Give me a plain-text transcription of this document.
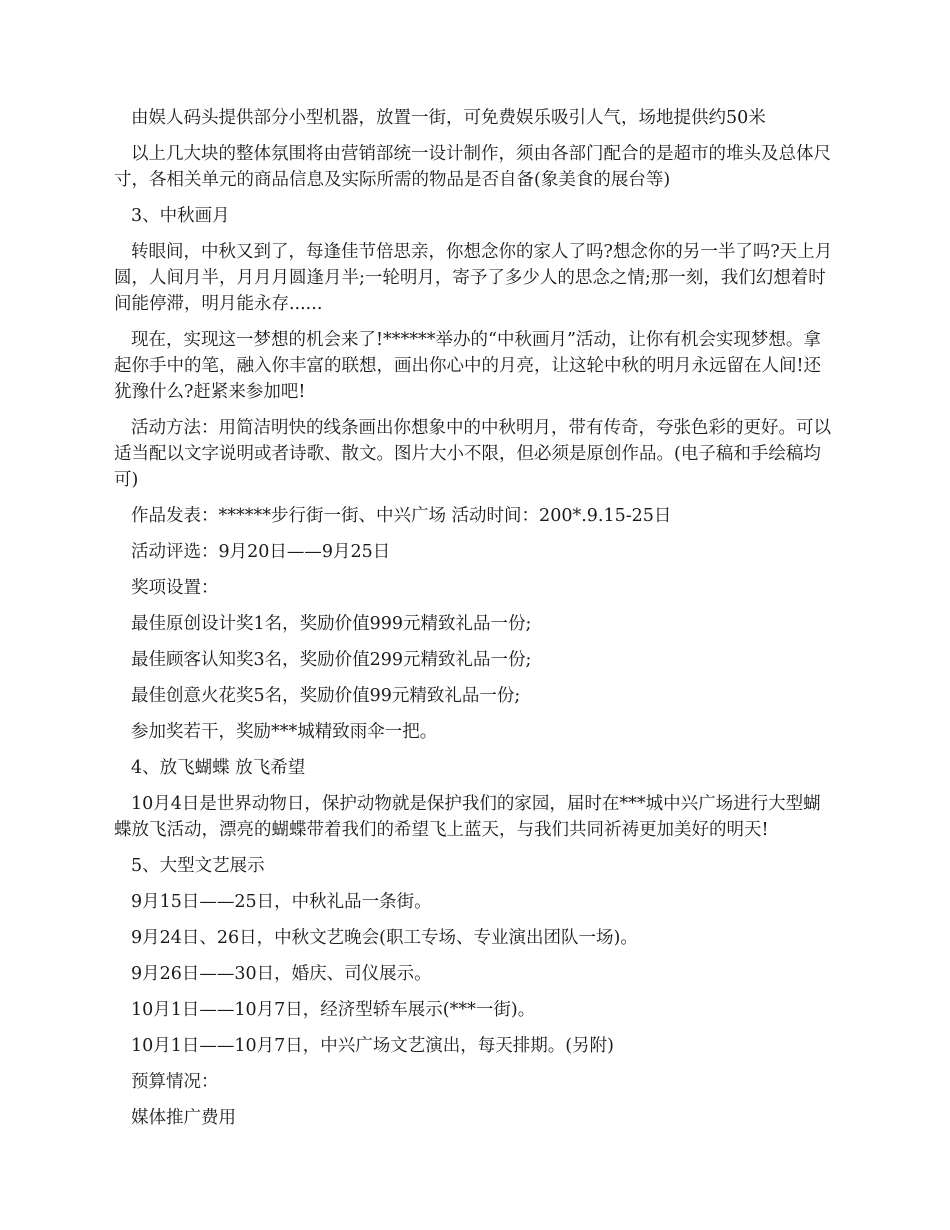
由娱人码头提供部分小型机器，放置一街，可免费娱乐吸引人气，场地提供约50米

以上几大块的整体氛围将由营销部统一设计制作，须由各部门配合的是超市的堆头及总体尺寸，各相关单元的商品信息及实际所需的物品是否自备(象美食的展台等)

3、中秋画月

转眼间，中秋又到了，每逢佳节倍思亲，你想念你的家人了吗?想念你的另一半了吗?天上月圆，人间月半，月月月圆逢月半;一轮明月，寄予了多少人的思念之情;那一刻，我们幻想着时间能停滞，明月能永存......

现在，实现这一梦想的机会来了!******举办的“中秋画月”活动，让你有机会实现梦想。拿起你手中的笔，融入你丰富的联想，画出你心中的月亮，让这轮中秋的明月永远留在人间!还犹豫什么?赶紧来参加吧!

活动方法：用简洁明快的线条画出你想象中的中秋明月，带有传奇，夸张色彩的更好。可以适当配以文字说明或者诗歌、散文。图片大小不限，但必须是原创作品。(电子稿和手绘稿均可)

作品发表：******步行街一街、中兴广场 活动时间：200*.9.15-25日

活动评选：9月20日——9月25日

奖项设置：

最佳原创设计奖1名，奖励价值999元精致礼品一份;

最佳顾客认知奖3名，奖励价值299元精致礼品一份;

最佳创意火花奖5名，奖励价值99元精致礼品一份;

参加奖若干，奖励***城精致雨伞一把。

4、放飞蝴蝶 放飞希望

10月4日是世界动物日，保护动物就是保护我们的家园，届时在***城中兴广场进行大型蝴蝶放飞活动，漂亮的蝴蝶带着我们的希望飞上蓝天，与我们共同祈祷更加美好的明天!

5、大型文艺展示

9月15日——25日，中秋礼品一条街。

9月24日、26日，中秋文艺晚会(职工专场、专业演出团队一场)。

9月26日——30日，婚庆、司仪展示。

10月1日——10月7日，经济型轿车展示(***一街)。

10月1日——10月7日，中兴广场文艺演出，每天排期。(另附)

预算情况：

媒体推广费用
